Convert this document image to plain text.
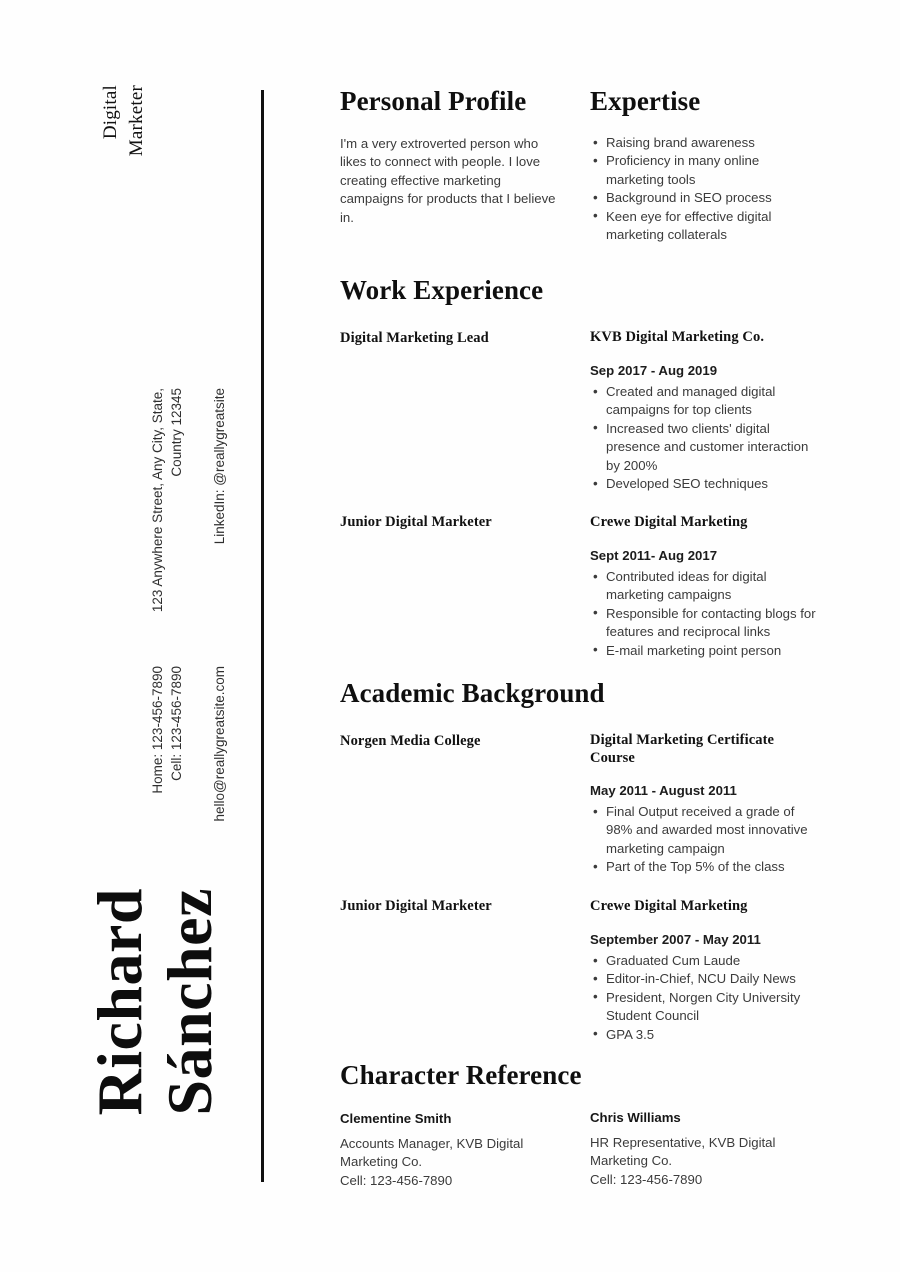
Digital Marketer
123 Anywhere Street, Any City, State, Country 12345 LinkedIn: @reallygreatsite
Home: 123-456-7890 Cell: 123-456-7890 hello@reallygreatsite.com
Richard Sánchez
Personal Profile

I'm a very extroverted person who likes to connect with people. I love creating effective marketing campaigns for products that I believe in.

Expertise
• Raising brand awareness
• Proficiency in many online marketing tools
• Background in SEO process
• Keen eye for effective digital marketing collaterals
Work Experience
Digital Marketing Lead	KVB Digital Marketing Co.

Sep 2017 - Aug 2019

• Created and managed digital campaigns for top clients
• Increased two clients' digital presence and customer interaction by 200%
• Developed SEO techniques
Junior Digital Marketer	Crewe Digital Marketing

Sept 2011- Aug 2017

• Contributed ideas for digital marketing campaigns
• Responsible for contacting blogs for features and reciprocal links
• E-mail marketing point person
Academic Background
Norgen Media College	Digital Marketing Certificate Course

May 2011 - August 2011

• Final Output received a grade of 98% and awarded most innovative marketing campaign
• Part of the Top 5% of the class
Junior Digital Marketer	Crewe Digital Marketing

September 2007 - May 2011

• Graduated Cum Laude
• Editor-in-Chief, NCU Daily News
• President, Norgen City University Student Council
• GPA 3.5
Character Reference

Clementine Smith

Accounts Manager, KVB Digital

Marketing Co.

Cell: 123-456-7890

Chris Williams

HR Representative, KVB Digital

Marketing Co.

Cell: 123-456-7890
